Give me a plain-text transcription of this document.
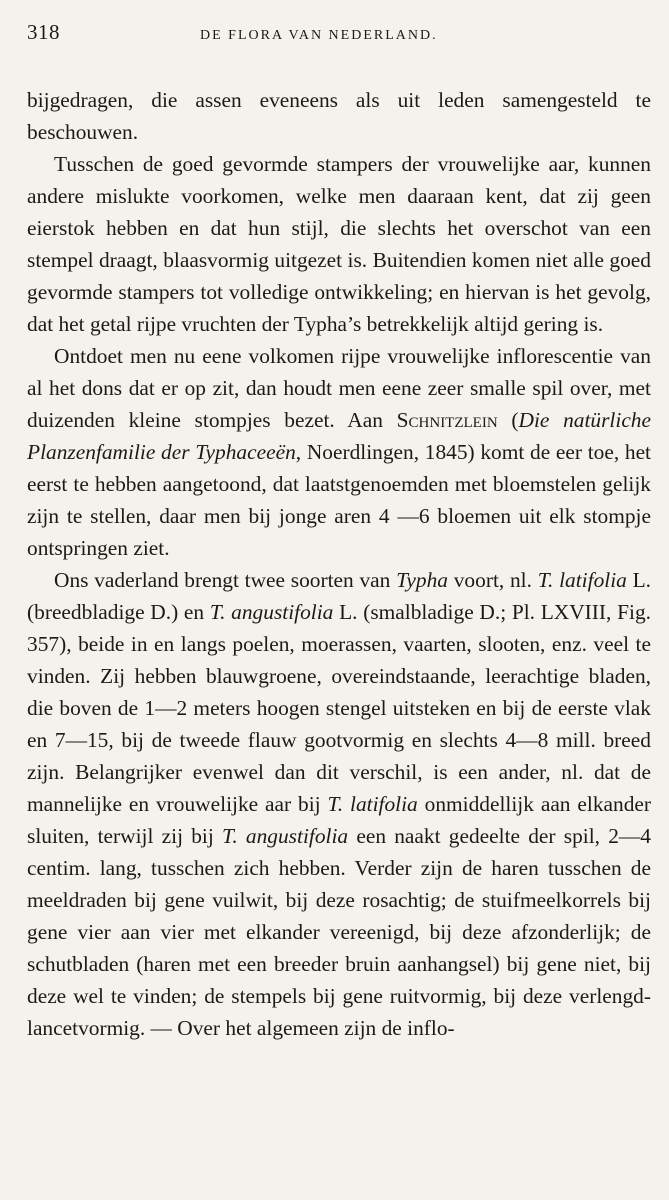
318	DE FLORA VAN NEDERLAND.

bijgedragen, die assen eveneens als uit leden samengesteld te beschouwen.

Tusschen de goed gevormde stampers der vrouwelijke aar, kunnen andere mislukte voorkomen, welke men daaraan kent, dat zij geen eierstok hebben en dat hun stijl, die slechts het overschot van een stempel draagt, blaasvormig uitgezet is. Buitendien komen niet alle goed gevormde stampers tot volledige ontwikkeling; en hiervan is het gevolg, dat het getal rijpe vruchten der Typha’s betrekkelijk altijd gering is.

Ontdoet men nu eene volkomen rijpe vrouwelijke inflorescentie van al het dons dat er op zit, dan houdt men eene zeer smalle spil over, met duizenden kleine stompjes bezet. Aan Schnitzlein (Die natürliche Planzenfamilie der Typhaceeën, Noerdlingen, 1845) komt de eer toe, het eerst te hebben aangetoond, dat laatstgenoemden met bloemstelen gelijk zijn te stellen, daar men bij jonge aren 4 —6 bloemen uit elk stompje ontspringen ziet.

Ons vaderland brengt twee soorten van Typha voort, nl. T. latifolia L. (breedbladige D.) en T. angustifolia L. (smalbladige D.; Pl. LXVIII, Fig. 357), beide in en langs poelen, moerassen, vaarten, slooten, enz. veel te vinden. Zij hebben blauwgroene, overeindstaande, leerachtige bladen, die boven de 1—2 meters hoogen stengel uitsteken en bij de eerste vlak en 7—15, bij de tweede flauw gootvormig en slechts 4—8 mill. breed zijn. Belangrijker evenwel dan dit verschil, is een ander, nl. dat de mannelijke en vrouwelijke aar bij T. latifolia onmiddellijk aan elkander sluiten, terwijl zij bij T. angustifolia een naakt gedeelte der spil, 2—4 centim. lang, tusschen zich hebben. Verder zijn de haren tusschen de meeldraden bij gene vuilwit, bij deze rosachtig; de stuifmeelkorrels bij gene vier aan vier met elkander vereenigd, bij deze afzonderlijk; de schutbladen (haren met een breeder bruin aanhangsel) bij gene niet, bij deze wel te vinden; de stempels bij gene ruitvormig, bij deze verlengd-lancetvormig. — Over het algemeen zijn de inflo-
